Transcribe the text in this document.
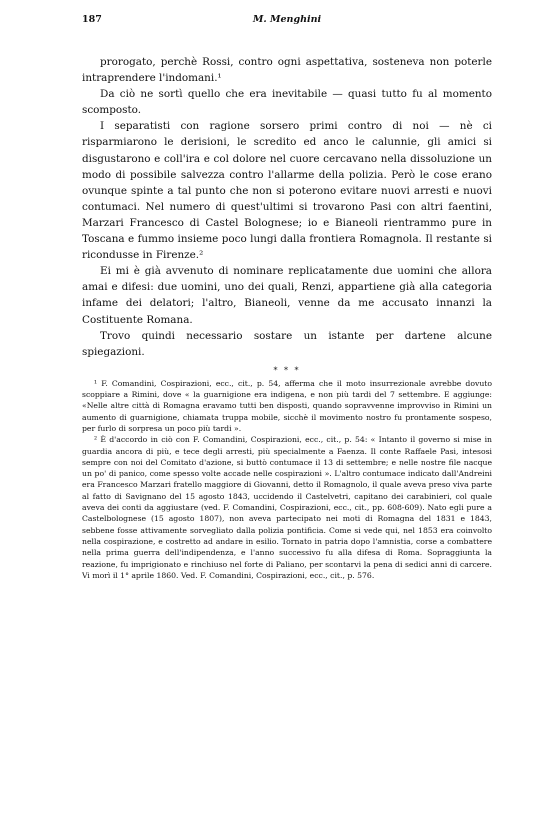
187	M. Menghini

prorogato, perchè Rossi, contro ogni aspettativa, sosteneva non poterle intraprendere l'indomani.¹

Da ciò ne sortì quello che era inevitabile — quasi tutto fu al momento scomposto.

I separatisti con ragione sorsero primi contro di noi — nè ci risparmiarono le derisioni, le scredito ed anco le calunnie, gli amici si disgustarono e coll'ira e col dolore nel cuore cercavano nella dissoluzione un modo di possibile salvezza contro l'allarme della polizia. Però le cose erano ovunque spinte a tal punto che non si poterono evitare nuovi arresti e nuovi contumaci. Nel numero di quest'ultimi si trovarono Pasi con altri faentini, Marzari Francesco di Castel Bolognese; io e Bianeoli rientrammo pure in Toscana e fummo insieme poco lungi dalla frontiera Romagnola. Il restante si ricondusse in Firenze.²

Ei mi è già avvenuto di nominare replicatamente due uomini che allora amai e difesi: due uomini, uno dei quali, Renzi, appartiene già alla categoria infame dei delatori; l'altro, Bianeoli, venne da me accusato innanzi la Costituente Romana.

Trovo quindi necessario sostare un istante per dartene alcune spiegazioni.

* * *

¹ F. Comandini, Cospirazioni, ecc., cit., p. 54, afferma che il moto insurrezionale avrebbe dovuto scoppiare a Rimini, dove « la guarnigione era indigena, e non più tardi del 7 settembre. E aggiunge: «Nelle altre città di Romagna eravamo tutti ben disposti, quando sopravvenne improvviso in Rimini un aumento di guarnigione, chiamata truppa mobile, sicchè il movimento nostro fu prontamente sospeso, per furlo di sorpresa un poco più tardi ».

² È d'accordo in ciò con F. Comandini, Cospirazioni, ecc., cit., p. 54: « Intanto il governo si mise in guardia ancora di più, e tece degli arresti, più specialmente a Faenza. Il conte Raffaele Pasi, intesosi sempre con noi del Comitato d'azione, si buttò contumace il 13 di settembre; e nelle nostre file nacque un po' di panico, come spesso volte accade nelle cospirazioni ». L'altro contumace indicato dall'Andreini era Francesco Marzari fratello maggiore di Giovanni, detto il Romagnolo, il quale aveva preso viva parte al fatto di Savignano del 15 agosto 1843, uccidendo il Castelvetri, capitano dei carabinieri, col quale aveva dei conti da aggiustare (ved. F. Comandini, Cospirazioni, ecc., cit., pp. 608-609). Nato egli pure a Castelbolognese (15 agosto 1807), non aveva partecipato nei moti di Romagna del 1831 e 1843, sebbene fosse attivamente sorvegliato dalla polizia pontificia. Come si vede qui, nel 1853 era coinvolto nella cospirazione, e costretto ad andare in esilio. Tornato in patria dopo l'amnistia, corse a combattere nella prima guerra dell'indipendenza, e l'anno successivo fu alla difesa di Roma. Sopraggiunta la reazione, fu imprigionato e rinchiuso nel forte di Paliano, per scontarvi la pena di sedici anni di carcere. Vi morì il 1° aprile 1860. Ved. F. Comandini, Cospirazioni, ecc., cit., p. 576.
